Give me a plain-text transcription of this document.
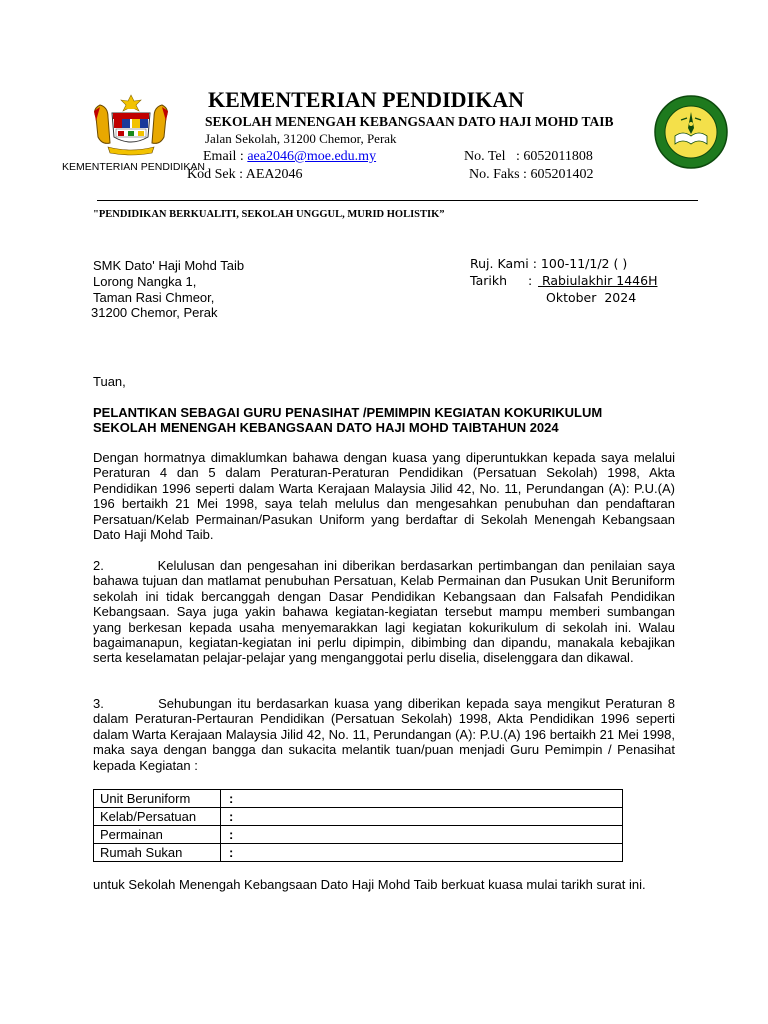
KEMENTERIAN PENDIDIKAN
KEMENTERIAN PENDIDIKAN
SEKOLAH MENENGAH KEBANGSAAN DATO HAJI MOHD TAIB
Jalan Sekolah, 31200 Chemor, Perak
Email : aea2046@moe.edu.my	No. Tel   : 6052011808
Kod Sek : AEA2046	No. Faks : 605201402
"PENDIDIKAN BERKUALITI, SEKOLAH UNGGUL, MURID HOLISTIK”
SMK Dato' Haji Mohd Taib
Lorong Nangka 1,
Taman Rasi Chmeor,
31200 Chemor, Perak
Ruj. Kami : 100-11/1/2 ( )
Tarikh : Rabiulakhir 1446H
Oktober  2024
Tuan,
PELANTIKAN SEBAGAI GURU PENASIHAT /PEMIMPIN KEGIATAN KOKURIKULUM
SEKOLAH MENENGAH KEBANGSAAN DATO HAJI MOHD TAIBTAHUN 2024
Dengan hormatnya dimaklumkan bahawa dengan kuasa yang diperuntukkan kepada saya melalui Peraturan 4 dan 5 dalam Peraturan-Peraturan Pendidikan (Persatuan Sekolah) 1998, Akta Pendidikan 1996 seperti dalam Warta Kerajaan Malaysia Jilid 42, No. 11, Perundangan (A): P.U.(A) 196 bertaikh 21 Mei 1998, saya telah melulus dan mengesahkan penubuhan dan pendaftaran Persatuan/Kelab Permainan/Pasukan Uniform yang berdaftar di Sekolah Menengah Kebangsaan Dato Haji Mohd Taib.
2.          Kelulusan dan pengesahan ini diberikan berdasarkan pertimbangan dan penilaian saya bahawa tujuan dan matlamat penubuhan Persatuan, Kelab Permainan dan Pusukan Unit Beruniform sekolah ini tidak bercanggah dengan Dasar Pendidikan Kebangsaan dan Falsafah Pendidikan Kebangsaan. Saya juga yakin bahawa kegiatan-kegiatan tersebut mampu memberi sumbangan yang berkesan kepada usaha menyemarakkan lagi kegiatan kokurikulum di sekolah ini. Walau bagaimanapun, kegiatan-kegiatan ini perlu dipimpin, dibimbing dan dipandu, manakala kebajikan serta keselamatan pelajar-pelajar yang menganggotai perlu diselia, diselenggara dan dikawal.
3.          Sehubungan itu berdasarkan kuasa yang diberikan kepada saya mengikut Peraturan 8 dalam Peraturan-Pertauran Pendidikan (Persatuan Sekolah) 1998, Akta Pendidikan 1996 seperti dalam Warta Kerajaan Malaysia Jilid 42, No. 11, Perundangan (A): P.U.(A) 196 bertaikh 21 Mei 1998, maka saya dengan bangga dan sukacita melantik tuan/puan menjadi Guru Pemimpin / Penasihat kepada Kegiatan :
Unit Beruniform	:
Kelab/Persatuan	:
Permainan	:
Rumah Sukan	:
untuk Sekolah Menengah Kebangsaan Dato Haji Mohd Taib berkuat kuasa mulai tarikh surat ini.
